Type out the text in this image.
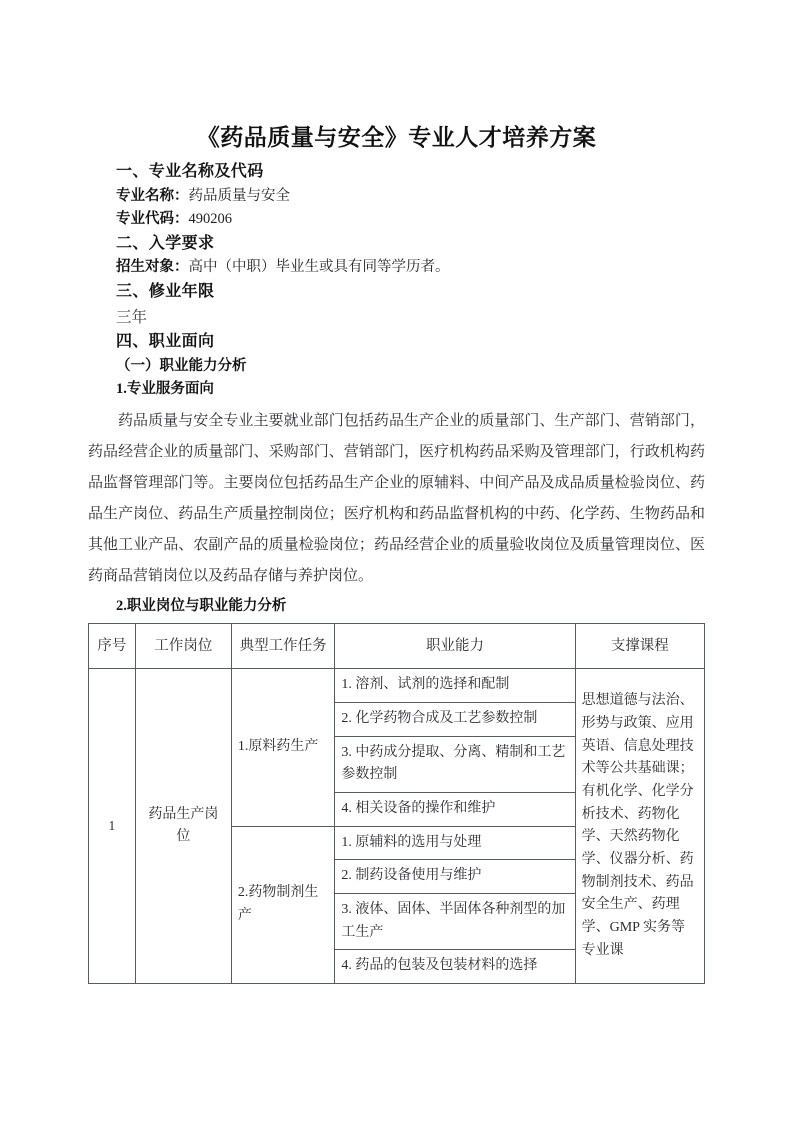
《药品质量与安全》专业人才培养方案
一、专业名称及代码
专业名称：药品质量与安全
专业代码：490206
二、入学要求
招生对象：高中（中职）毕业生或具有同等学历者。
三、修业年限
三年
四、职业面向
（一）职业能力分析
1.专业服务面向

药品质量与安全专业主要就业部门包括药品生产企业的质量部门、生产部门、营销部门，药品经营企业的质量部门、采购部门、营销部门，医疗机构药品采购及管理部门，行政机构药品监督管理部门等。主要岗位包括药品生产企业的原辅料、中间产品及成品质量检验岗位、药品生产岗位、药品生产质量控制岗位；医疗机构和药品监督机构的中药、化学药、生物药品和其他工业产品、农副产品的质量检验岗位；药品经营企业的质量验收岗位及质量管理岗位、医药商品营销岗位以及药品存储与养护岗位。

2.职业岗位与职业能力分析
序号	工作岗位	典型工作任务	职业能力	支撑课程
1	药品生产岗位	1.原料药生产	1. 溶剂、试剂的选择和配制	思想道德与法治、形势与政策、应用英语、信息处理技术等公共基础课； 有机化学、化学分析技术、药物化学、天然药物化学、仪器分析、药物制剂技术、药品安全生产、药理学、GMP 实务等专业课
			2. 化学药物合成及工艺参数控制	
			3. 中药成分提取、分离、精制和工艺参数控制	
			4. 相关设备的操作和维护	
		2.药物制剂生产	1. 原辅料的选用与处理	
			2. 制药设备使用与维护	
			3. 液体、固体、半固体各种剂型的加工生产	
			4. 药品的包装及包装材料的选择	
